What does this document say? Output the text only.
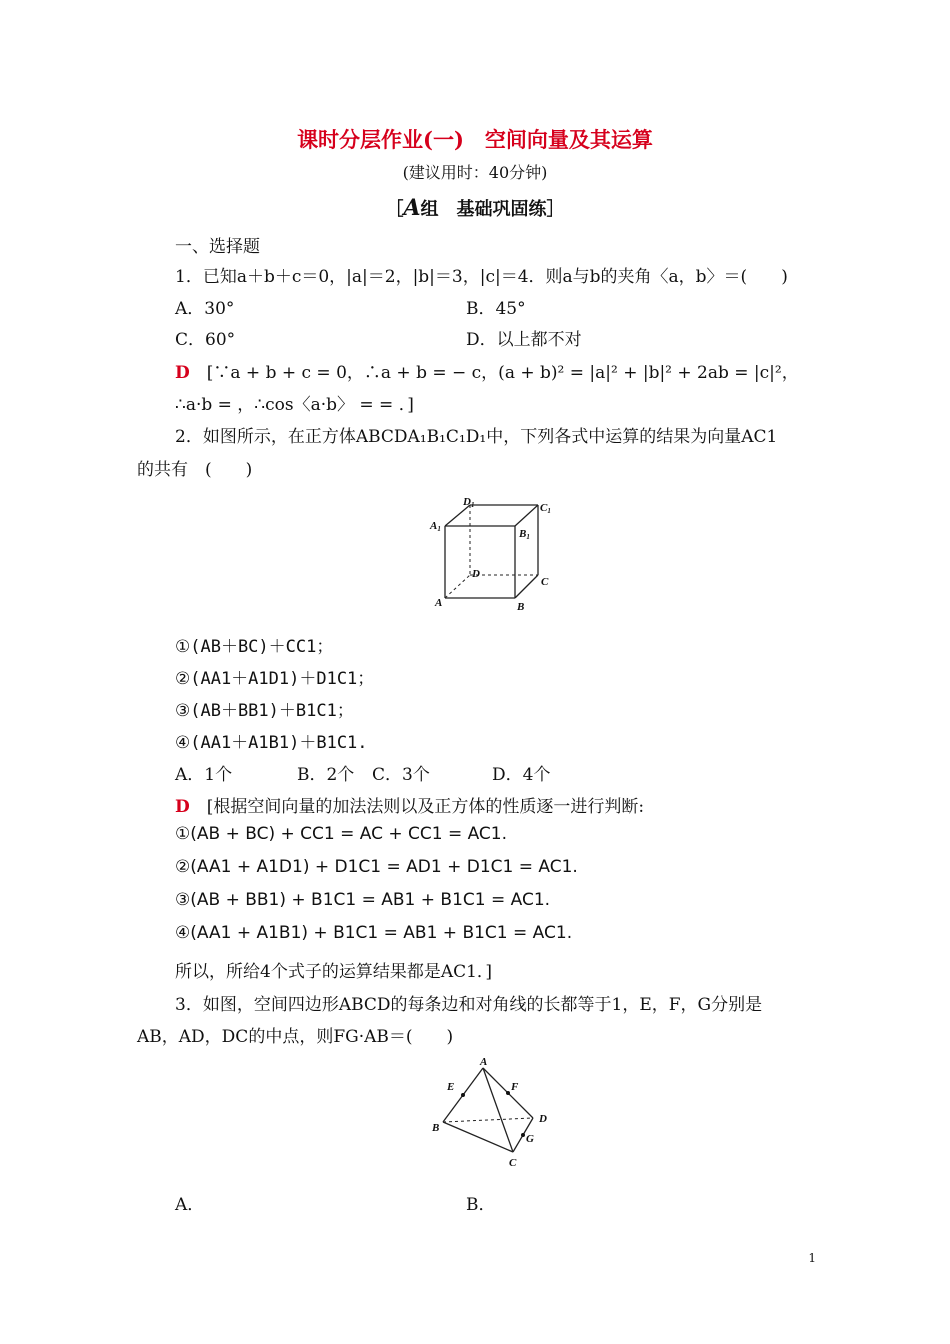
课时分层作业(一)　空间向量及其运算
(建议用时：40分钟)
［A组　基础巩固练］
一、选择题
1．已知a＋b＋c＝0，|a|＝2，|b|＝3，|c|＝4．则a与b的夹角〈a，b〉＝(　　)
A．30°	B．45°
C．60°	D．以上都不对
D　 [∵a + b + c = 0，∴a + b = − c，(a + b)² = |a|² + |b|² + 2ab = |c|²，
∴a·b = ，∴cos〈a·b〉 = = ．]
2．如图所示，在正方体ABCDA₁B₁C₁D₁中，下列各式中运算的结果为向量AC1
的共有　(　　)
D1	C1
A1	B1
D
C
A	B
①(AB＋BC)＋CC1；
②(AA1＋A1D1)＋D1C1；
③(AB＋BB1)＋B1C1；
④(AA1＋A1B1)＋B1C1.
A．1个	B．2个 C．3个	D．4个
D　 [根据空间向量的加法法则以及正方体的性质逐一进行判断:
①(AB + BC) + CC1 = AC + CC1 = AC1.
②(AA1 + A1D1) + D1C1 = AD1 + D1C1 = AC1.
③(AB + BB1) + B1C1 = AB1 + B1C1 = AC1.
④(AA1 + A1B1) + B1C1 = AB1 + B1C1 = AC1.
所以，所给4个式子的运算结果都是AC1．]
3．如图，空间四边形ABCD的每条边和对角线的长都等于1，E，F，G分别是
AB，AD，DC的中点，则FG·AB＝(　　)
A
E	F
D
B
G
C
A．	B．
1
